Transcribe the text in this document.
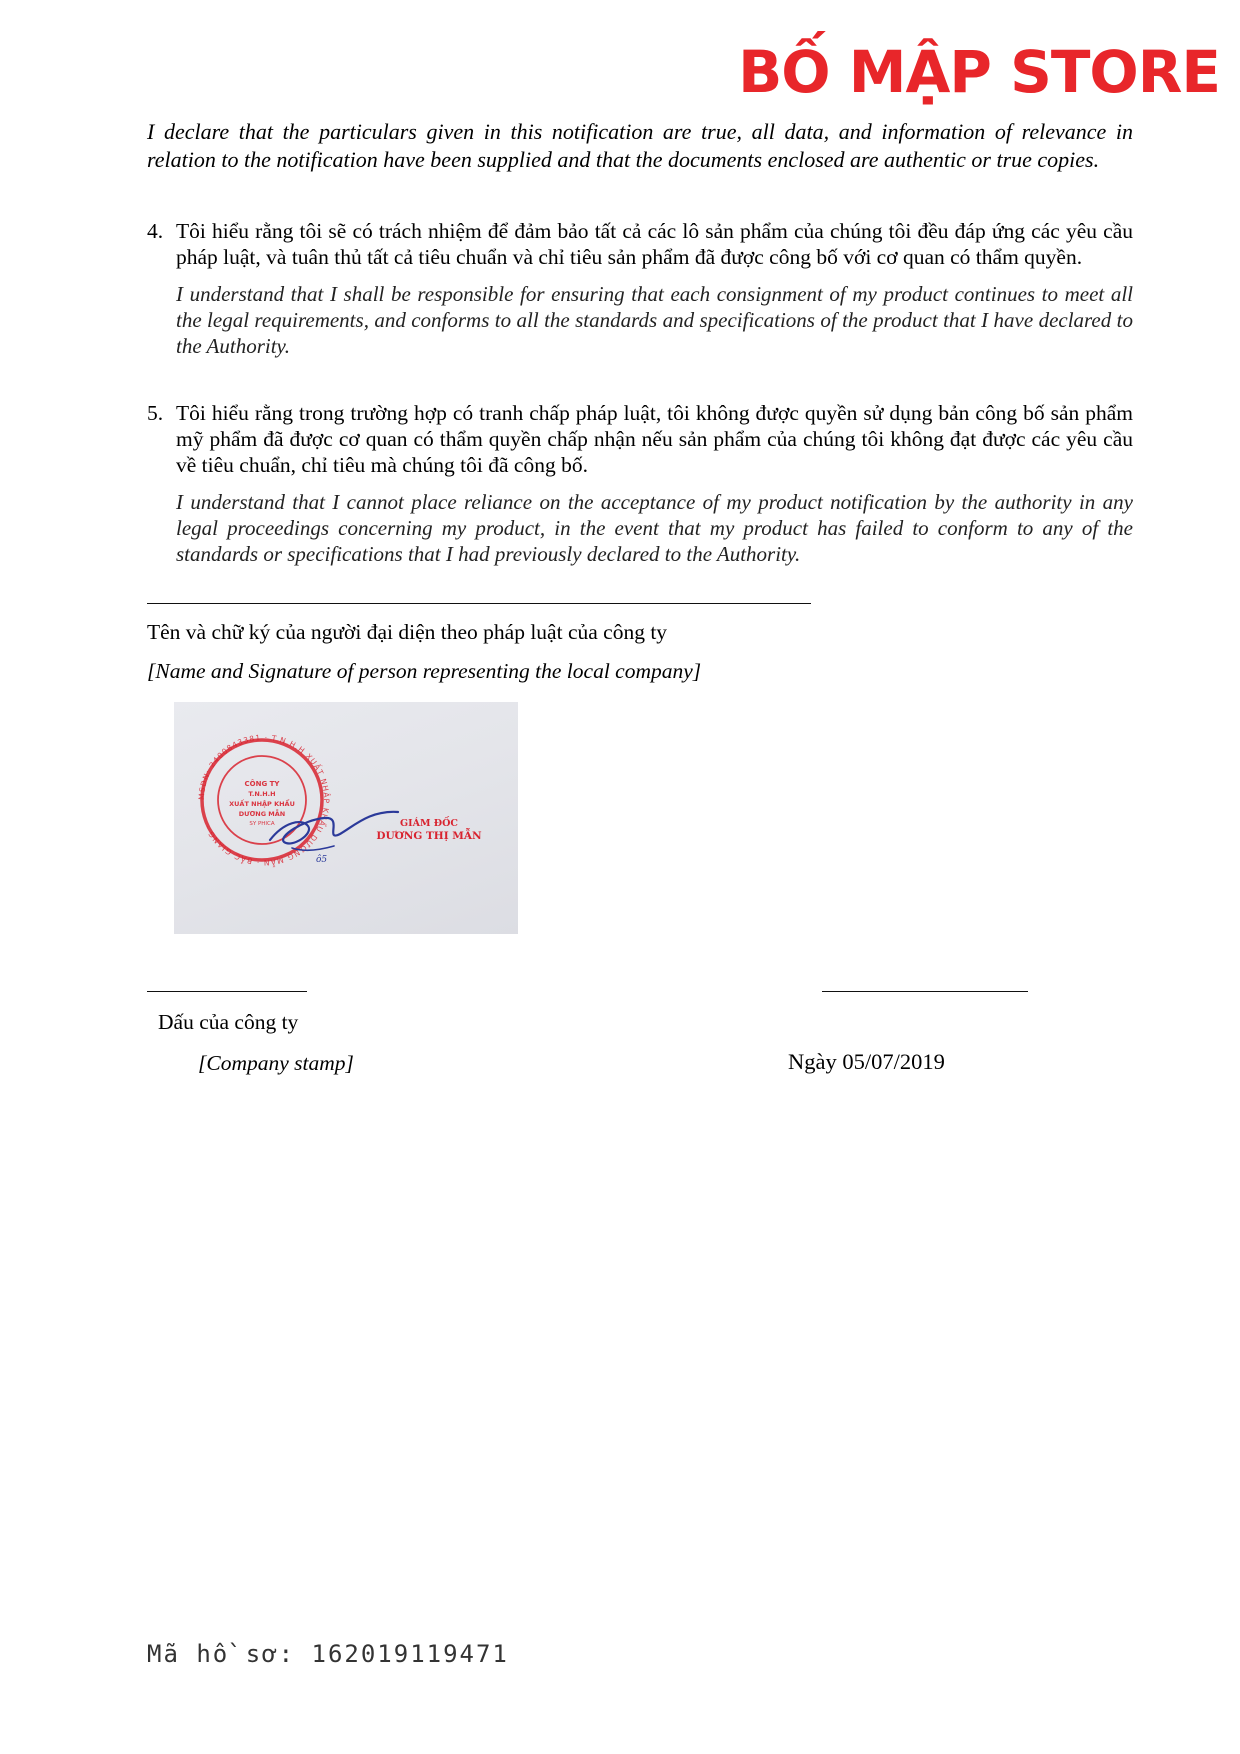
BỐ MẬP STORE

I declare that the particulars given in this notification are true, all data, and information of relevance in relation to the notification have been supplied and that the documents enclosed are authentic or true copies.

4. Tôi hiểu rằng tôi sẽ có trách nhiệm để đảm bảo tất cả các lô sản phẩm của chúng tôi đều đáp ứng các yêu cầu pháp luật, và tuân thủ tất cả tiêu chuẩn và chỉ tiêu sản phẩm đã được công bố với cơ quan có thẩm quyền.

I understand that I shall be responsible for ensuring that each consignment of my product continues to meet all the legal requirements, and conforms to all the standards and specifications of the product that I have declared to the Authority.

5. Tôi hiểu rằng trong trường hợp có tranh chấp pháp luật, tôi không được quyền sử dụng bản công bố sản phẩm mỹ phẩm đã được cơ quan có thẩm quyền chấp nhận nếu sản phẩm của chúng tôi không đạt được các yêu cầu về tiêu chuẩn, chỉ tiêu mà chúng tôi đã công bố.

I understand that I cannot place reliance on the acceptance of my product notification by the authority in any legal proceedings concerning my product, in the event that my product has failed to conform to any of the standards or specifications that I had previously declared to the Authority.

Tên và chữ ký của người đại diện theo pháp luật của công ty
[Name and Signature of person representing the local company]
MSDN: 2400843381 · T.N.H.H XUẤT NHẬP KHẨU DƯƠNG MẪN · BẮC GIANG ·
CÔNG TY
T.N.H.H
XUẤT NHẬP KHẨU
DƯƠNG MẪN
SY PHICA
ô5
GIÁM ĐỐC
DƯƠNG THỊ MẪN
Dấu của công ty
[Company stamp]	Ngày 05/07/2019
Mã hồ sơ: 162019119471
